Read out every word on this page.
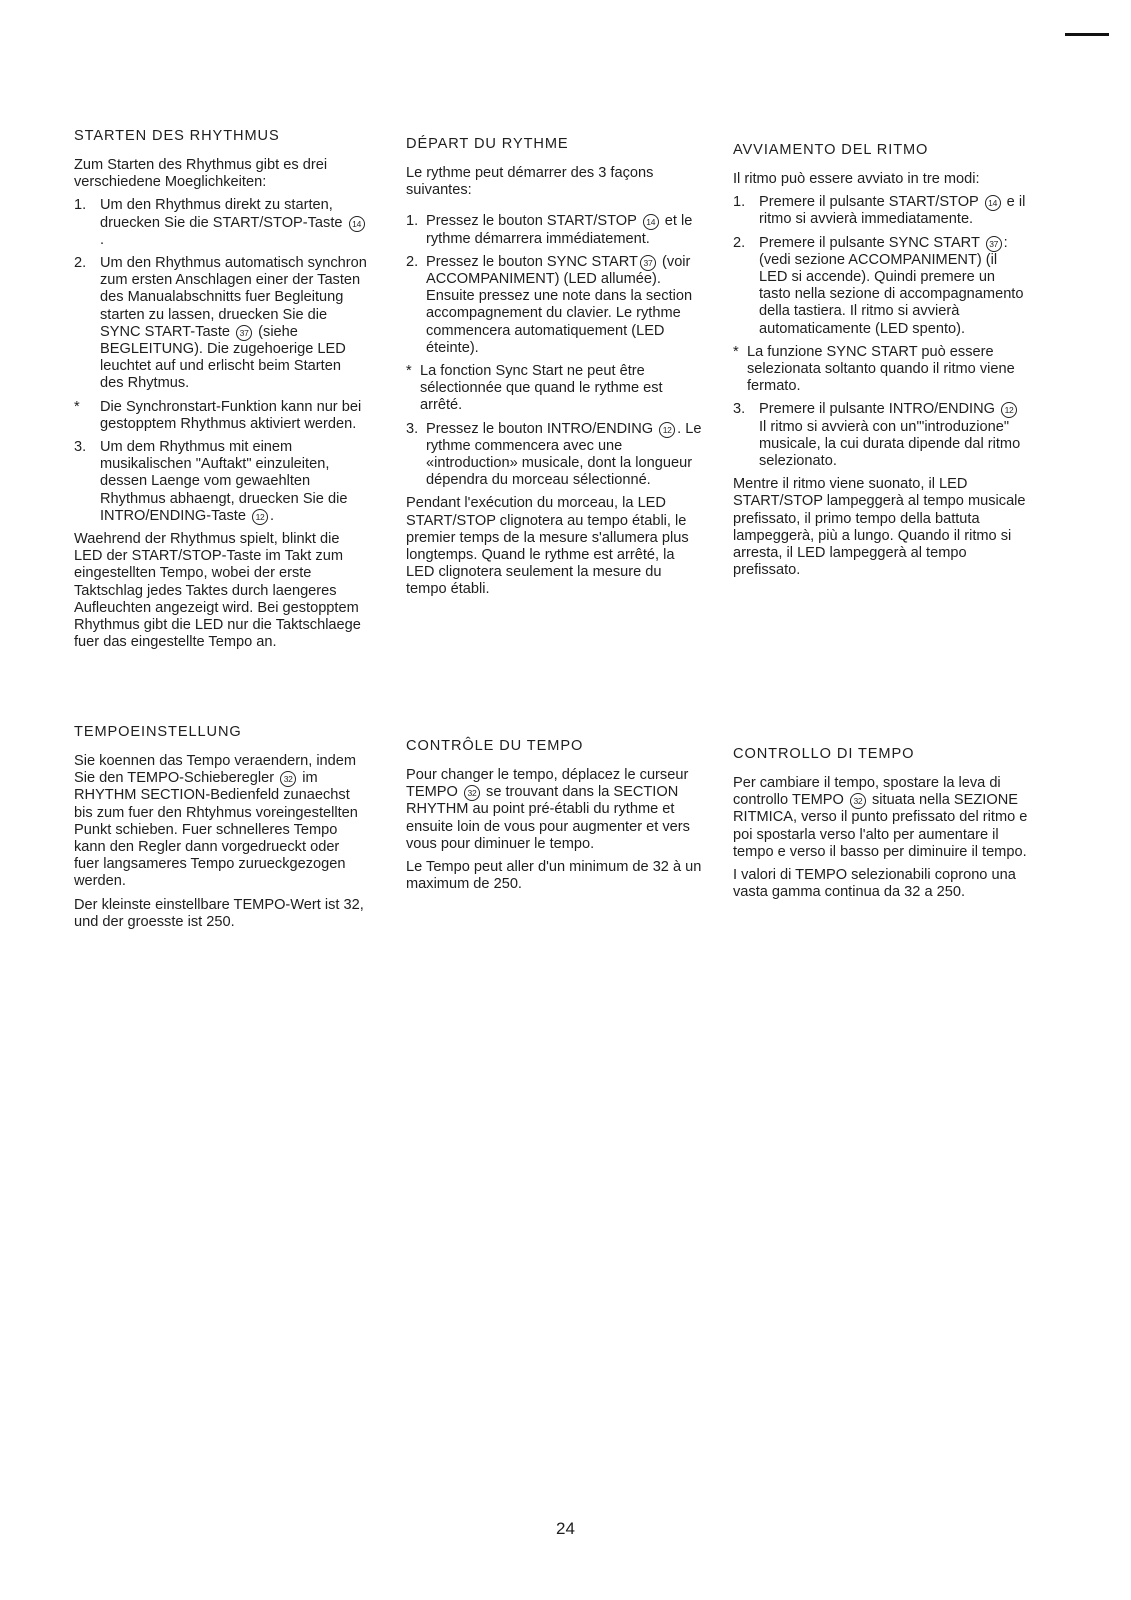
STARTEN DES RHYTHMUS

Zum Starten des Rhythmus gibt es drei verschiedene Moeglichkeiten:

1. Um den Rhythmus direkt zu starten, druecken Sie die START/STOP-Taste 14.
2. Um den Rhythmus automatisch synchron zum ersten Anschlagen einer der Tasten des Manualabschnitts fuer Begleitung starten zu lassen, druecken Sie die SYNC START-Taste 37 (siehe BEGLEITUNG). Die zugehoerige LED leuchtet auf und erlischt beim Starten des Rhytmus.
*	Die Synchronstart-Funktion kann nur bei gestopptem Rhythmus aktiviert werden.
3. Um dem Rhythmus mit einem musikalischen "Auftakt" einzuleiten, dessen Laenge vom gewaehlten Rhythmus abhaengt, druecken Sie die INTRO/ENDING-Taste 12 .

Waehrend der Rhythmus spielt, blinkt die LED der START/STOP-Taste im Takt zum eingestellten Tempo, wobei der erste Taktschlag jedes Taktes durch laengeres Aufleuchten angezeigt wird. Bei gestopptem Rhythmus gibt die LED nur die Taktschlaege fuer das eingestellte Tempo an.

TEMPOEINSTELLUNG

Sie koennen das Tempo veraendern, indem Sie den TEMPO-Schieberegler 32 im RHYTHM SECTION-Bedienfeld zunaechst bis zum fuer den Rhtyhmus voreingestellten Punkt schieben. Fuer schnelleres Tempo kann den Regler dann vorgedrueckt oder fuer langsameres Tempo zurueckgezogen werden.

Der kleinste einstellbare TEMPO-Wert ist 32, und der groesste ist 250.

DÉPART DU RYTHME

Le rythme peut démarrer des 3 façons suivantes:

1. Pressez le bouton START/STOP 14 et le rythme démarrera immédiatement.
2. Pressez le bouton SYNC START 37 (voir ACCOMPANIMENT) (LED allumée). Ensuite pressez une note dans la section accompagnement du clavier. Le rythme commencera automatiquement (LED éteinte).
* La fonction Sync Start ne peut être sélectionnée que quand le rythme est arrêté.
3. Pressez le bouton INTRO/ENDING 12 . Le rythme commencera avec une «introduction» musicale, dont la longueur dépendra du morceau sélectionné.

Pendant l'exécution du morceau, la LED START/STOP clignotera au tempo établi, le premier temps de la mesure s'allumera plus longtemps. Quand le rythme est arrêté, la LED clignotera seulement la mesure du tempo établi.

CONTRÔLE DU TEMPO

Pour changer le tempo, déplacez le curseur TEMPO 32 se trouvant dans la SECTION RHYTHM au point pré-établi du rythme et ensuite loin de vous pour augmenter et vers vous pour diminuer le tempo.

Le Tempo peut aller d'un minimum de 32 à un maximum de 250.

AVVIAMENTO DEL RITMO

Il ritmo può essere avviato in tre modi:

1. Premere il pulsante START/STOP 14 e il ritmo si avvierà immediatamente.
2. Premere il pulsante SYNC START 37 : (vedi sezione ACCOMPANIMENT) (il LED si accende). Quindi premere un tasto nella sezione di accompagnamento della tastiera. Il ritmo si avvierà automaticamente (LED spento).
* La funzione SYNC START può essere selezionata soltanto quando il ritmo viene fermato.
3. Premere il pulsante INTRO/ENDING 12 Il ritmo si avvierà con un'"introduzione" musicale, la cui durata dipende dal ritmo selezionato.

Mentre il ritmo viene suonato, il LED START/STOP lampeggerà al tempo musicale prefissato, il primo tempo della battuta lampeggerà, più a lungo. Quando il ritmo si arresta, il LED lampeggerà al tempo prefissato.

CONTROLLO DI TEMPO

Per cambiare il tempo, spostare la leva di controllo TEMPO 32 situata nella SEZIONE RITMICA, verso il punto prefissato del ritmo e poi spostarla verso l'alto per aumentare il tempo e verso il basso per diminuire il tempo.

I valori di TEMPO selezionabili coprono una vasta gamma continua da 32 a 250.

24
